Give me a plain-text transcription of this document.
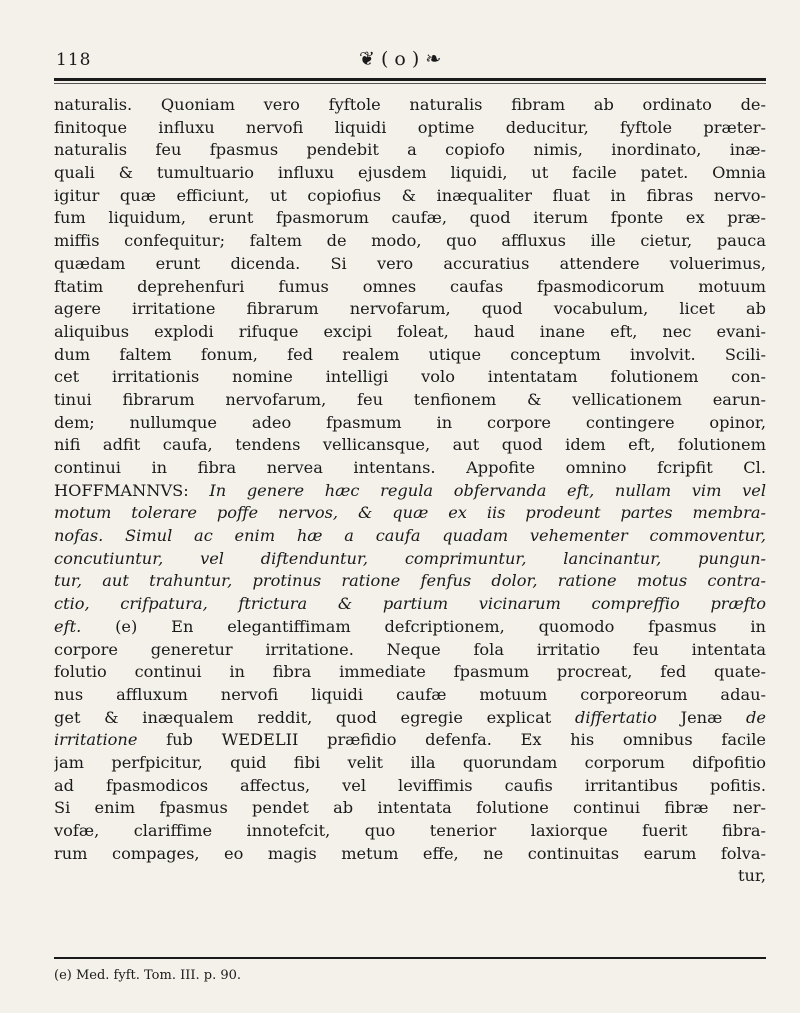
118	❦ ( o ) ❧
naturalis. Quoniam vero fyftole naturalis fibram ab ordinato de-
finitoque influxu nervofi liquidi optime deducitur, fyftole præter-
naturalis feu fpasmus pendebit a copiofo nimis, inordinato, inæ-
quali & tumultuario influxu ejusdem liquidi, ut facile patet. Omnia
igitur quæ efficiunt, ut copiofius & inæqualiter fluat in fibras nervo-
fum liquidum, erunt fpasmorum caufæ, quod iterum fponte ex præ-
miffis confequitur; faltem de modo, quo affluxus ille cietur, pauca
quædam erunt dicenda. Si vero accuratius attendere voluerimus,
ftatim deprehenfuri fumus omnes caufas fpasmodicorum motuum
agere irritatione fibrarum nervofarum, quod vocabulum, licet ab
aliquibus explodi rifuque excipi foleat, haud inane eft, nec evani-
dum faltem fonum, fed realem utique conceptum involvit. Scili-
cet irritationis nomine intelligi volo intentatam folutionem con-
tinui fibrarum nervofarum, feu tenfionem & vellicationem earun-
dem; nullumque adeo fpasmum in corpore contingere opinor,
nifi adfit caufa, tendens vellicansque, aut quod idem eft, folutionem
continui in fibra nervea intentans. Appofite omnino fcripfit Cl.
HOFFMANNVS: In genere hæc regula obfervanda eft, nullam vim vel
motum tolerare poffe nervos, & quæ ex iis prodeunt partes membra-
nofas. Simul ac enim hæ a caufa quadam vehementer commoventur,
concutiuntur, vel diftenduntur, comprimuntur, lancinantur, pungun-
tur, aut trahuntur, protinus ratione fenfus dolor, ratione motus contra-
ctio, crifpatura, ftrictura & partium vicinarum compreffio præfto
eft. (e) En elegantiffimam defcriptionem, quomodo fpasmus in
corpore generetur irritatione. Neque fola irritatio feu intentata
folutio continui in fibra immediate fpasmum procreat, fed quate-
nus affluxum nervofi liquidi caufæ motuum corporeorum adau-
get & inæqualem reddit, quod egregie explicat differtatio Jenæ de
irritatione fub WEDELII præfidio defenfa. Ex his omnibus facile
jam perfpicitur, quid fibi velit illa quorundam corporum difpofitio
ad fpasmodicos affectus, vel leviffimis caufis irritantibus pofitis.
Si enim fpasmus pendet ab intentata folutione continui fibræ ner-
vofæ, clariffime innotefcit, quo tenerior laxiorque fuerit fibra-
rum compages, eo magis metum effe, ne continuitas earum folva-
tur,
(e) Med. fyft. Tom. III. p. 90.
